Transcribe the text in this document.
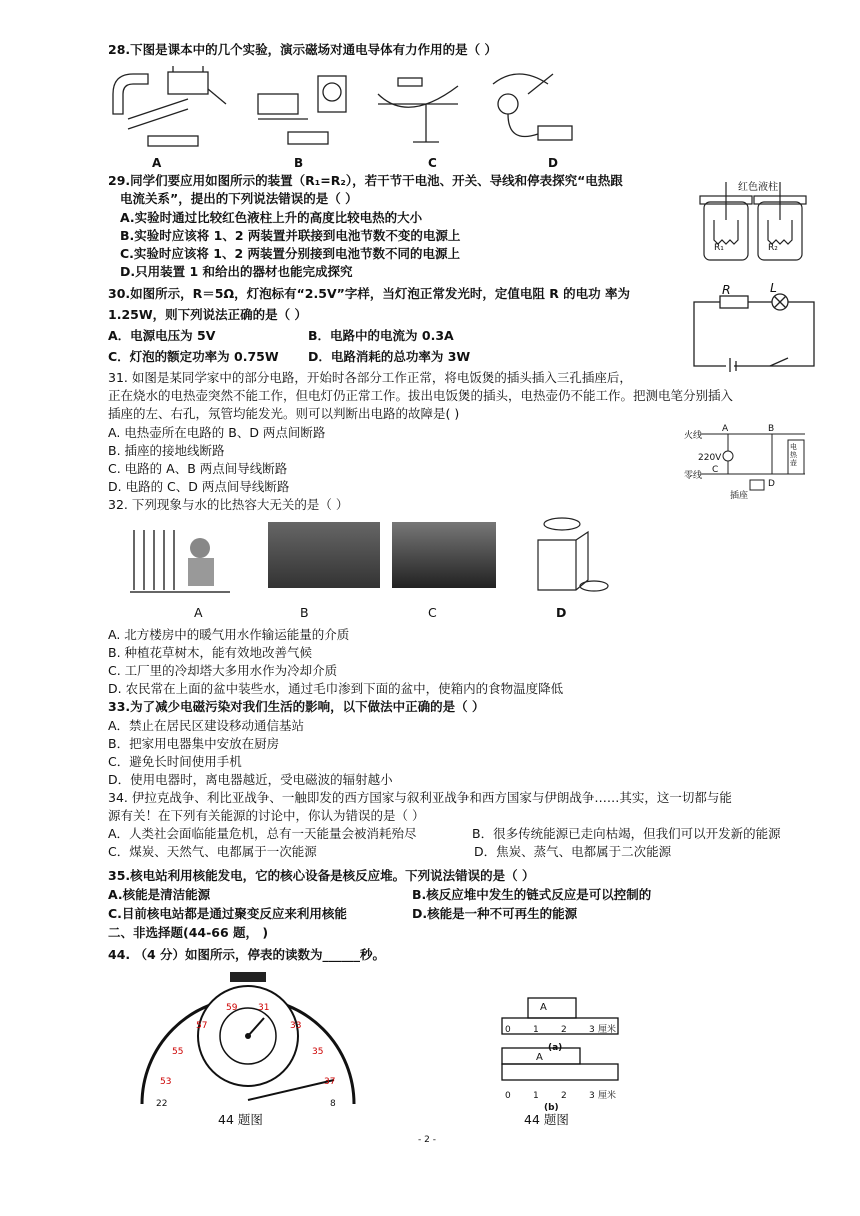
28.下图是课本中的几个实验，演示磁场对通电导体有力作用的是（ ）
A	B	C	D
29.同学们要应用如图所示的装置（R₁=R₂），若干节干电池、开关、导线和停表探究“电热跟
电流关系”，提出的下列说法错误的是（ ）
A.实验时通过比较红色液柱上升的高度比较电热的大小
B.实验时应该将 1、2 两装置并联接到电池节数不变的电源上
C.实验时应该将 1、2 两装置分别接到电池节数不同的电源上
D.只用装置 1 和给出的器材也能完成探究
红色液柱
R₁	R₂
30.如图所示，R＝5Ω，灯泡标有“2.5V”字样，当灯泡正常发光时，定值电阻 R 的电功 率为
1.25W，则下列说法正确的是（ ）
A．电源电压为 5V	B．电路中的电流为 0.3A
C．灯泡的额定功率为 0.75W D．电路消耗的总功率为 3W
R	L
31. 如图是某同学家中的部分电路，开始时各部分工作正常，将电饭煲的插头插入三孔插座后，
正在烧水的电热壶突然不能工作，但电灯仍正常工作。拔出电饭煲的插头，电热壶仍不能工作。把测电笔分别插入
插座的左、右孔，氖管均能发光。则可以判断出电路的故障是( )
A. 电热壶所在电路的 B、D 两点间断路
B. 插座的接地线断路
C. 电路的 A、B 两点间导线断路
D. 电路的 C、D 两点间导线断路
火线
零线
220V
A	B
C
D
电热壶
插座
32. 下列现象与水的比热容大无关的是（ ）
A	B	C	D
A. 北方楼房中的暖气用水作输运能量的介质
B. 种植花草树木，能有效地改善气候
C. 工厂里的冷却塔大多用水作为冷却介质
D. 农民常在上面的盆中装些水，通过毛巾渗到下面的盆中，使箱内的食物温度降低
33.为了减少电磁污染对我们生活的影响，以下做法中正确的是（ ）
A．禁止在居民区建设移动通信基站
B．把家用电器集中安放在厨房
C．避免长时间使用手机
D．使用电器时，离电器越近，受电磁波的辐射越小
34. 伊拉克战争、利比亚战争、一触即发的西方国家与叙利亚战争和西方国家与伊朗战争……其实，这一切都与能
源有关！在下列有关能源的讨论中，你认为错误的是（ ）
A．人类社会面临能量危机，总有一天能量会被消耗殆尽	B．很多传统能源已走向枯竭，但我们可以开发新的能源
C．煤炭、天然气、电都属于一次能源	D．焦炭、蒸气、电都属于二次能源
35.核电站利用核能发电，它的核心设备是核反应堆。下列说法错误的是（ ）
A.核能是清洁能源	B.核反应堆中发生的链式反应是可以控制的
C.目前核电站都是通过聚变反应来利用核能	D.核能是一种不可再生的能源
二、非选择题(44-66 题， )
44. （4 分）如图所示，停表的读数为______秒。
59 31
57	33
55	35
53	37
22	8
44 题图
A
0 1 2 3 厘米
(a)
A
0 1 2 3 厘米
(b)
44 题图
- 2 -
